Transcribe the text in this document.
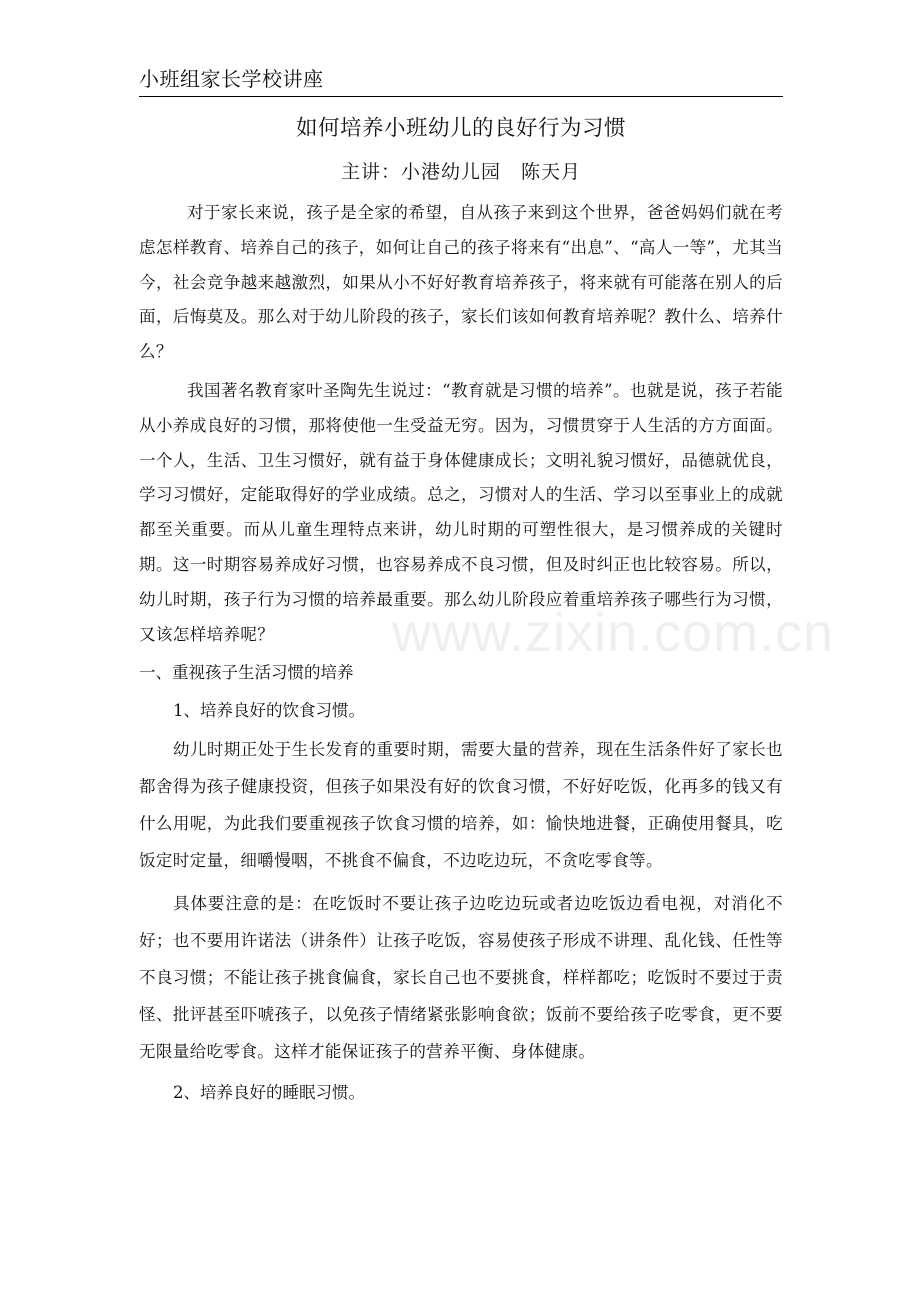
小班组家长学校讲座
如何培养小班幼儿的良好行为习惯
主讲：小港幼儿园　陈天月

对于家长来说，孩子是全家的希望，自从孩子来到这个世界，爸爸妈妈们就在考虑怎样教育、培养自己的孩子，如何让自己的孩子将来有“出息”、“高人一等”，尤其当今，社会竞争越来越激烈，如果从小不好好教育培养孩子，将来就有可能落在别人的后面，后悔莫及。那么对于幼儿阶段的孩子，家长们该如何教育培养呢？教什么、培养什么？

我国著名教育家叶圣陶先生说过：“教育就是习惯的培养”。也就是说，孩子若能从小养成良好的习惯，那将使他一生受益无穷。因为，习惯贯穿于人生活的方方面面。一个人，生活、卫生习惯好，就有益于身体健康成长；文明礼貌习惯好，品德就优良，学习习惯好，定能取得好的学业成绩。总之，习惯对人的生活、学习以至事业上的成就都至关重要。而从儿童生理特点来讲，幼儿时期的可塑性很大，是习惯养成的关键时期。这一时期容易养成好习惯，也容易养成不良习惯，但及时纠正也比较容易。所以，幼儿时期，孩子行为习惯的培养最重要。那么幼儿阶段应着重培养孩子哪些行为习惯，又该怎样培养呢？

一、重视孩子生活习惯的培养

1、培养良好的饮食习惯。

幼儿时期正处于生长发育的重要时期，需要大量的营养，现在生活条件好了家长也都舍得为孩子健康投资，但孩子如果没有好的饮食习惯，不好好吃饭，化再多的钱又有什么用呢，为此我们要重视孩子饮食习惯的培养，如：愉快地进餐，正确使用餐具，吃饭定时定量，细嚼慢咽，不挑食不偏食，不边吃边玩，不贪吃零食等。

具体要注意的是：在吃饭时不要让孩子边吃边玩或者边吃饭边看电视，对消化不好；也不要用许诺法（讲条件）让孩子吃饭，容易使孩子形成不讲理、乱化钱、任性等不良习惯；不能让孩子挑食偏食，家长自己也不要挑食，样样都吃；吃饭时不要过于责怪、批评甚至吓唬孩子，以免孩子情绪紧张影响食欲；饭前不要给孩子吃零食，更不要无限量给吃零食。这样才能保证孩子的营养平衡、身体健康。

2、培养良好的睡眠习惯。

www.zixin.com.cn
